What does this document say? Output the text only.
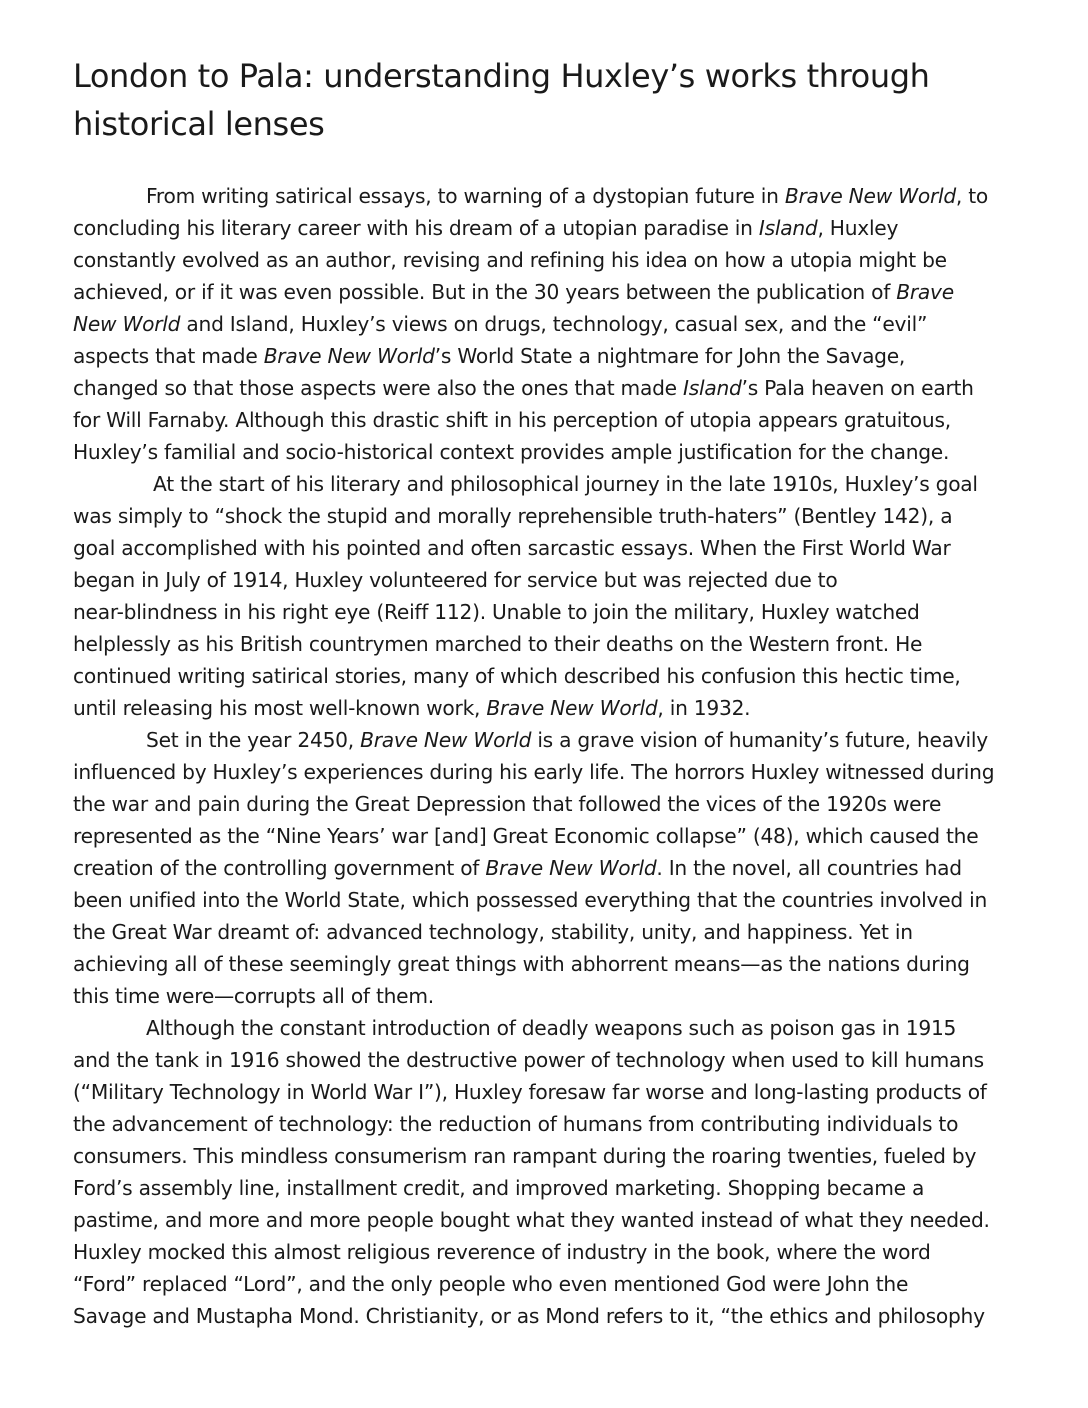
London to Pala: understanding Huxley’s works through historical lenses
From writing satirical essays, to warning of a dystopian future in Brave New World, to
concluding his literary career with his dream of a utopian paradise in Island, Huxley
constantly evolved as an author, revising and refining his idea on how a utopia might be
achieved, or if it was even possible. But in the 30 years between the publication of Brave
New World and Island, Huxley’s views on drugs, technology, casual sex, and the “evil”
aspects that made Brave New World’s World State a nightmare for John the Savage,
changed so that those aspects were also the ones that made Island’s Pala heaven on earth
for Will Farnaby. Although this drastic shift in his perception of utopia appears gratuitous,
Huxley’s familial and socio-historical context provides ample justification for the change.
At the start of his literary and philosophical journey in the late 1910s, Huxley’s goal
was simply to “shock the stupid and morally reprehensible truth-haters” (Bentley 142), a
goal accomplished with his pointed and often sarcastic essays. When the First World War
began in July of 1914, Huxley volunteered for service but was rejected due to
near-blindness in his right eye (Reiff 112). Unable to join the military, Huxley watched
helplessly as his British countrymen marched to their deaths on the Western front. He
continued writing satirical stories, many of which described his confusion this hectic time,
until releasing his most well-known work, Brave New World, in 1932.
Set in the year 2450, Brave New World is a grave vision of humanity’s future, heavily
influenced by Huxley’s experiences during his early life. The horrors Huxley witnessed during
the war and pain during the Great Depression that followed the vices of the 1920s were
represented as the “Nine Years’ war [and] Great Economic collapse” (48), which caused the
creation of the controlling government of Brave New World. In the novel, all countries had
been unified into the World State, which possessed everything that the countries involved in
the Great War dreamt of: advanced technology, stability, unity, and happiness. Yet in
achieving all of these seemingly great things with abhorrent means—as the nations during
this time were—corrupts all of them.
Although the constant introduction of deadly weapons such as poison gas in 1915
and the tank in 1916 showed the destructive power of technology when used to kill humans
(“Military Technology in World War I”), Huxley foresaw far worse and long-lasting products of
the advancement of technology: the reduction of humans from contributing individuals to
consumers. This mindless consumerism ran rampant during the roaring twenties, fueled by
Ford’s assembly line, installment credit, and improved marketing. Shopping became a
pastime, and more and more people bought what they wanted instead of what they needed.
Huxley mocked this almost religious reverence of industry in the book, where the word
“Ford” replaced “Lord”, and the only people who even mentioned God were John the
Savage and Mustapha Mond. Christianity, or as Mond refers to it, “the ethics and philosophy
